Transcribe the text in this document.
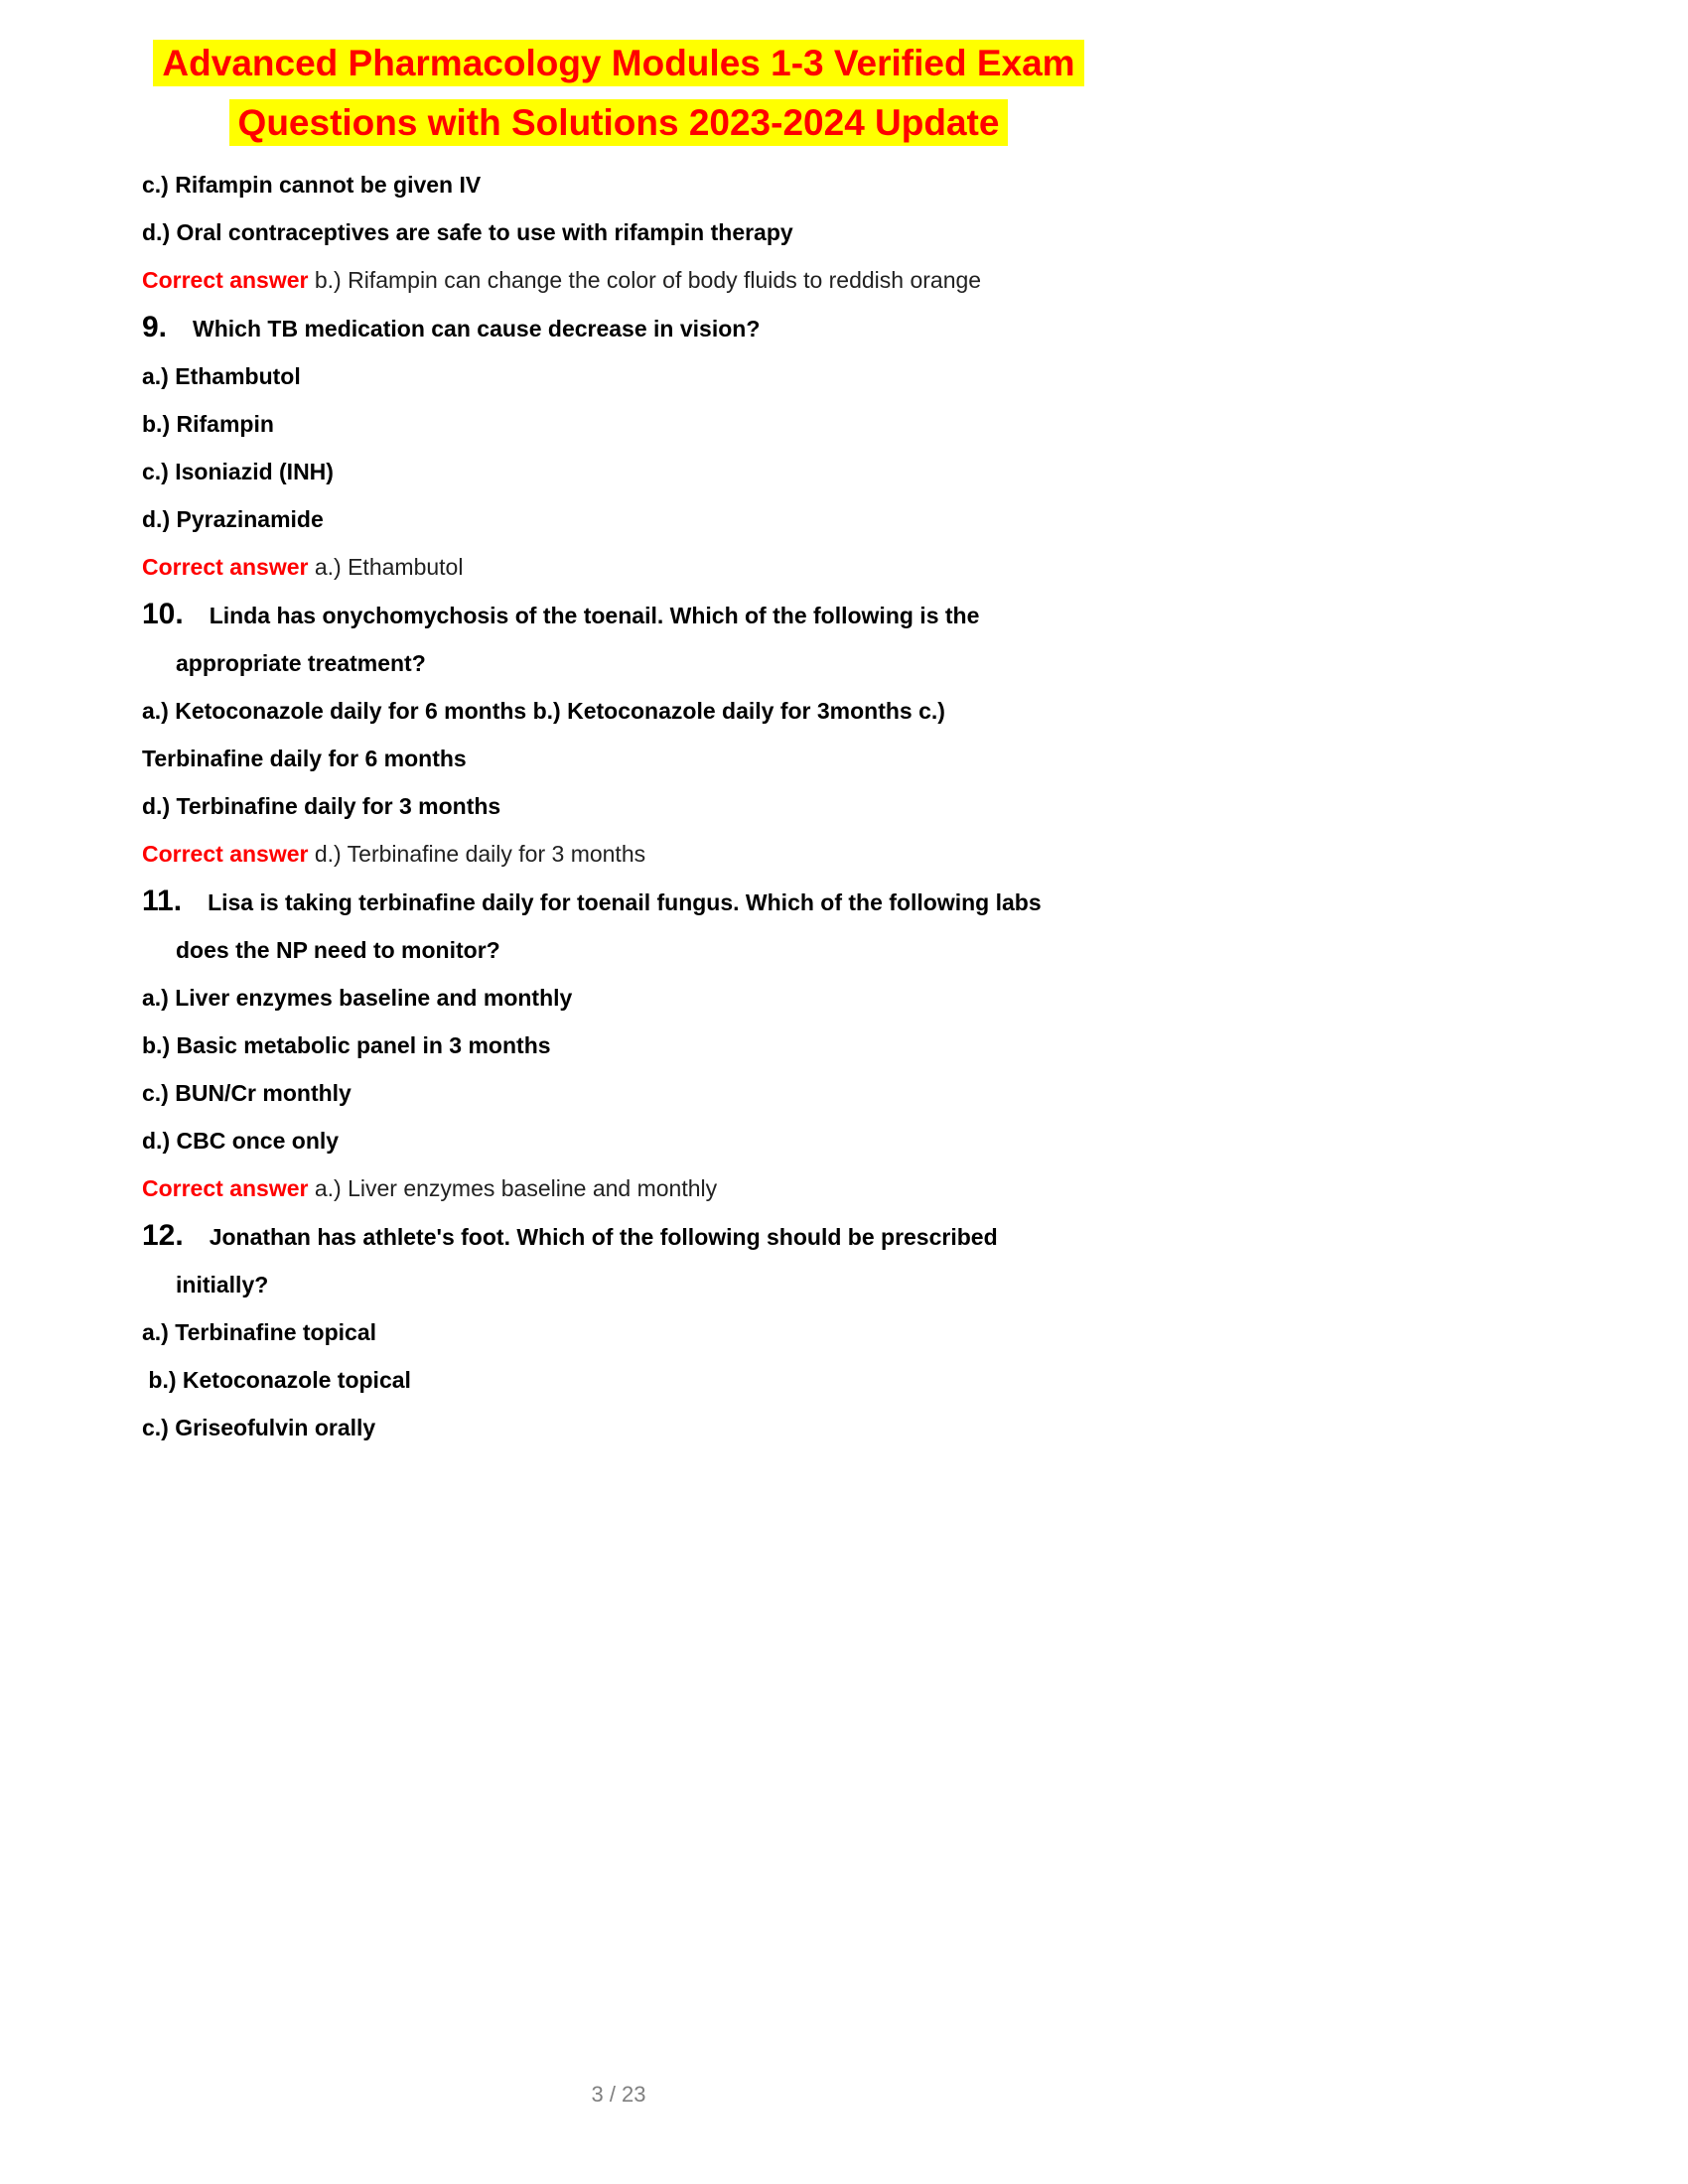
Advanced Pharmacology Modules 1-3 Verified Exam
Questions with Solutions 2023-2024 Update

c.) Rifampin cannot be given IV

d.) Oral contraceptives are safe to use with rifampin therapy

Correct answer b.) Rifampin can change the color of body fluids to reddish orange

9. Which TB medication can cause decrease in vision?

a.) Ethambutol

b.) Rifampin

c.) Isoniazid (INH)

d.) Pyrazinamide

Correct answer a.) Ethambutol

10. Linda has onychomychosis of the toenail. Which of the following is the appropriate treatment?

a.) Ketoconazole daily for 6 months b.) Ketoconazole daily for 3months c.)

Terbinafine daily for 6 months

d.) Terbinafine daily for 3 months

Correct answer d.) Terbinafine daily for 3 months

11. Lisa is taking terbinafine daily for toenail fungus. Which of the following labs does the NP need to monitor?

a.) Liver enzymes baseline and monthly

b.) Basic metabolic panel in 3 months

c.) BUN/Cr monthly

d.) CBC once only

Correct answer a.) Liver enzymes baseline and monthly

12. Jonathan has athlete's foot. Which of the following should be prescribed initially?

a.) Terbinafine topical

b.) Ketoconazole topical

c.) Griseofulvin orally

3 / 23
